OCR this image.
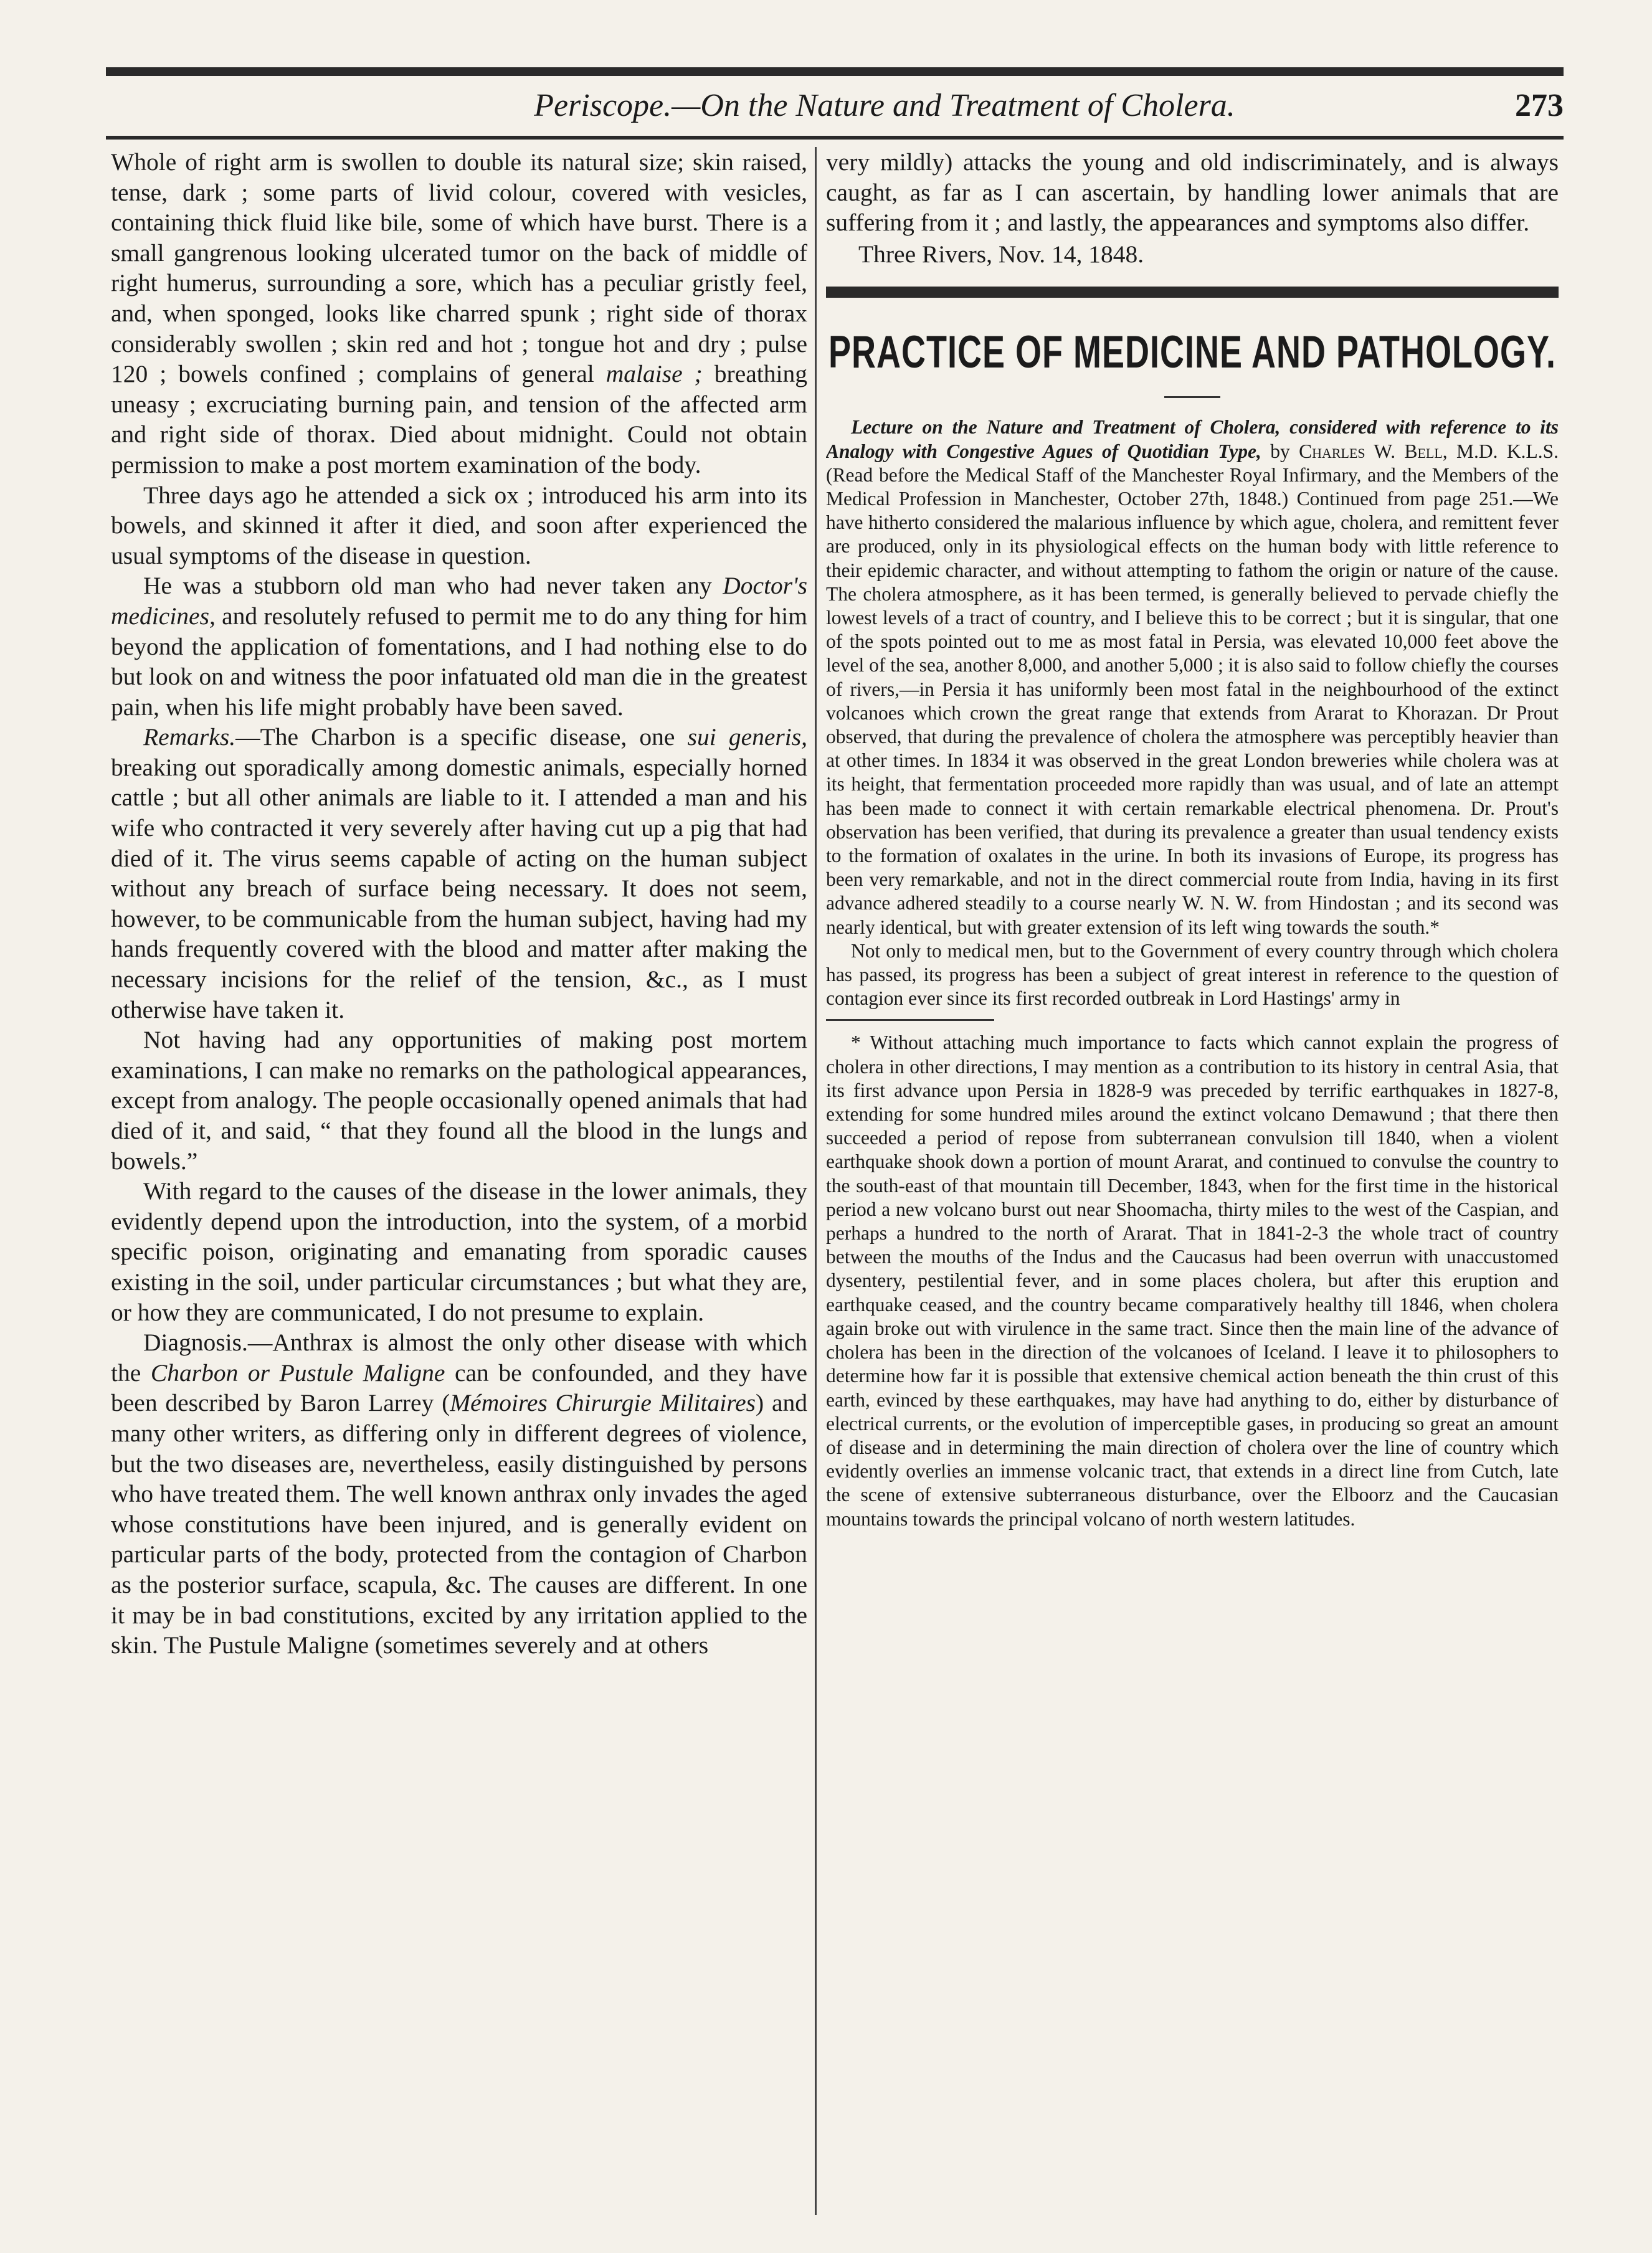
Periscope.—On the Nature and Treatment of Cholera.	273

Whole of right arm is swollen to double its natural size; skin raised, tense, dark ; some parts of livid colour, covered with vesicles, containing thick fluid like bile, some of which have burst. There is a small gangrenous looking ulcerated tumor on the back of middle of right humerus, surrounding a sore, which has a peculiar gristly feel, and, when sponged, looks like charred spunk ; right side of thorax considerably swollen ; skin red and hot ; tongue hot and dry ; pulse 120 ; bowels confined ; complains of general malaise ; breathing uneasy ; excruciating burning pain, and tension of the affected arm and right side of thorax. Died about midnight. Could not obtain permission to make a post mortem examination of the body.

Three days ago he attended a sick ox ; introduced his arm into its bowels, and skinned it after it died, and soon after experienced the usual symptoms of the disease in question.

He was a stubborn old man who had never taken any Doctor's medicines, and resolutely refused to permit me to do any thing for him beyond the application of fomentations, and I had nothing else to do but look on and witness the poor infatuated old man die in the greatest pain, when his life might probably have been saved.

Remarks.—The Charbon is a specific disease, one sui generis, breaking out sporadically among domestic animals, especially horned cattle ; but all other animals are liable to it. I attended a man and his wife who contracted it very severely after having cut up a pig that had died of it. The virus seems capable of acting on the human subject without any breach of surface being necessary. It does not seem, however, to be communicable from the human subject, having had my hands frequently covered with the blood and matter after making the necessary incisions for the relief of the tension, &c., as I must otherwise have taken it.

Not having had any opportunities of making post mortem examinations, I can make no remarks on the pathological appearances, except from analogy. The people occasionally opened animals that had died of it, and said, “ that they found all the blood in the lungs and bowels.”

With regard to the causes of the disease in the lower animals, they evidently depend upon the introduction, into the system, of a morbid specific poison, originating and emanating from sporadic causes existing in the soil, under particular circumstances ; but what they are, or how they are communicated, I do not presume to explain.

Diagnosis.—Anthrax is almost the only other disease with which the Charbon or Pustule Maligne can be confounded, and they have been described by Baron Larrey (Mémoires Chirurgie Militaires) and many other writers, as differing only in different degrees of violence, but the two diseases are, nevertheless, easily distinguished by persons who have treated them. The well known anthrax only invades the aged whose constitutions have been injured, and is generally evident on particular parts of the body, protected from the contagion of Charbon as the posterior surface, scapula, &c. The causes are different. In one it may be in bad constitutions, excited by any irritation applied to the skin. The Pustule Maligne (sometimes severely and at others

very mildly) attacks the young and old indiscriminately, and is always caught, as far as I can ascertain, by handling lower animals that are suffering from it ; and lastly, the appearances and symptoms also differ.

Three Rivers, Nov. 14, 1848.

PRACTICE OF MEDICINE AND PATHOLOGY.

Lecture on the Nature and Treatment of Cholera, considered with reference to its Analogy with Congestive Agues of Quotidian Type, by Charles W. Bell, M.D. K.L.S. (Read before the Medical Staff of the Manchester Royal Infirmary, and the Members of the Medical Profession in Manchester, October 27th, 1848.) Continued from page 251.—We have hitherto considered the malarious influence by which ague, cholera, and remittent fever are produced, only in its physiological effects on the human body with little reference to their epidemic character, and without attempting to fathom the origin or nature of the cause. The cholera atmosphere, as it has been termed, is generally believed to pervade chiefly the lowest levels of a tract of country, and I believe this to be correct ; but it is singular, that one of the spots pointed out to me as most fatal in Persia, was elevated 10,000 feet above the level of the sea, another 8,000, and another 5,000 ; it is also said to follow chiefly the courses of rivers,—in Persia it has uniformly been most fatal in the neighbourhood of the extinct volcanoes which crown the great range that extends from Ararat to Khorazan. Dr Prout observed, that during the prevalence of cholera the atmosphere was perceptibly heavier than at other times. In 1834 it was observed in the great London breweries while cholera was at its height, that fermentation proceeded more rapidly than was usual, and of late an attempt has been made to connect it with certain remarkable electrical phenomena. Dr. Prout's observation has been verified, that during its prevalence a greater than usual tendency exists to the formation of oxalates in the urine. In both its invasions of Europe, its progress has been very remarkable, and not in the direct commercial route from India, having in its first advance adhered steadily to a course nearly W. N. W. from Hindostan ; and its second was nearly identical, but with greater extension of its left wing towards the south.*

Not only to medical men, but to the Government of every country through which cholera has passed, its progress has been a subject of great interest in reference to the question of contagion ever since its first recorded outbreak in Lord Hastings' army in

* Without attaching much importance to facts which cannot explain the progress of cholera in other directions, I may mention as a contribution to its history in central Asia, that its first advance upon Persia in 1828-9 was preceded by terrific earthquakes in 1827-8, extending for some hundred miles around the extinct volcano Demawund ; that there then succeeded a period of repose from subterranean convulsion till 1840, when a violent earthquake shook down a portion of mount Ararat, and continued to convulse the country to the south-east of that mountain till December, 1843, when for the first time in the historical period a new volcano burst out near Shoomacha, thirty miles to the west of the Caspian, and perhaps a hundred to the north of Ararat. That in 1841-2-3 the whole tract of country between the mouths of the Indus and the Caucasus had been overrun with unaccustomed dysentery, pestilential fever, and in some places cholera, but after this eruption and earthquake ceased, and the country became comparatively healthy till 1846, when cholera again broke out with virulence in the same tract. Since then the main line of the advance of cholera has been in the direction of the volcanoes of Iceland. I leave it to philosophers to determine how far it is possible that extensive chemical action beneath the thin crust of this earth, evinced by these earthquakes, may have had anything to do, either by disturbance of electrical currents, or the evolution of imperceptible gases, in producing so great an amount of disease and in determining the main direction of cholera over the line of country which evidently overlies an immense volcanic tract, that extends in a direct line from Cutch, late the scene of extensive subterraneous disturbance, over the Elboorz and the Caucasian mountains towards the principal volcano of north western latitudes.
